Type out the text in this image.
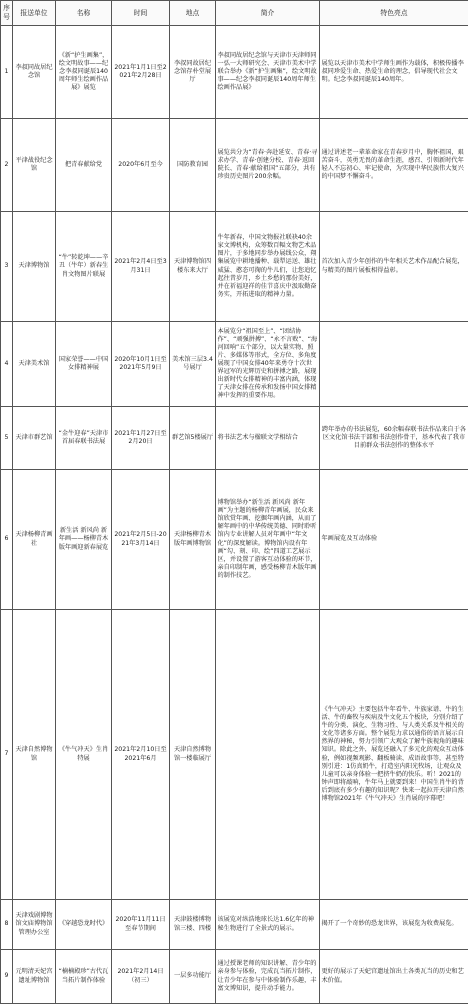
序号	报送单位	名称	时间	地点	简介	特色亮点
1	李叔同故居纪念馆	《新“护生画集”，绘文明故事——纪念李叔同诞辰140周年师生绘画作品展》展览	2021年1月1日至2021年2月28日	李叔同故居纪念馆存朴堂展厅	李叔同故居纪念馆与天津市天津师同一弘一大师研究会、天津市美术中学联合举办《新“护生画集”，绘文明故事——纪念李叔同诞辰140周年师生绘画作品展》	展览以天津市美术中学师生画作为载体，积极传播李叔同珍爱生命、热爱生命的理念，倡导现代社会文明。纪念李叔同诞辰140周年。
2	平津战役纪念馆	把青春献给党	2020年6月至今	国防教育园	展览共分为“青春·奔赴延安、青春·寻求办学、青春·创建分校、青春·返回院长、青春·献给祖国”五部分，共有珍贵历史图片200余幅。	通过讲述老一辈革命家在青春岁月中，胸怀祖国，艰苦奋斗，英勇无畏的革命生涯，感召、引领新时代年轻人不忘初心、牢记使命，为实现中华民族伟大复兴的中国梦不懈奋斗。
3	天津博物馆	“牛”转乾坤——辛丑（牛年）新春生肖文物图片联展	2021年2月4日至3月31日	天津博物馆四楼东来大厅	牛年新春，中国文物报社联袂40余家文博机构，众筹数百幅文物艺术品图片，于多地同步举办展线公众，翔集展览中耕地播种、载犁运送、雄壮威猛、憨态可掬的牛儿们，让您追忆起往昔岁月，乡土乡愁的那份美好，并在祈福迎祥的佳节喜庆中汲取勤奋务实，开拓进取的精神力量。	首次加入青少年创作的牛年相关艺术作品配合展览，与精美的图片展板相得益彰。
4	天津美术馆	国家荣誉——中国女排精神展	2020年10月1日至2021年5月9日	美术馆三层3.4号展厅	本展览分“祖国至上”、“团结协作”、“顽强拼搏”、“永不言败”、“海河回响”五个部分，以大量实物、照片、多媒体等形式，全方位、多角度展现了中国女排40年来勇夺十次世界冠军的光辉历史和拼搏之路，展现出新时代女排精神的丰富内涵，体现了天津女排在传承和发扬中国女排精神中发挥的重要作用。	
5	天津市群艺馆	“金牛迎春”天津市首届春联书法展	2021年1月27日至2月20日	群艺馆5楼展厅	将书法艺术与楹联文学相结合	跨年举办的书法展览，60余幅春联书法作品来自于各区文化馆书法干部和书法创作骨干，基本代表了我市目前群众书法创作的整体水平
6	天津杨柳青画社	新生活 新风尚 新年画——杨柳青木版年画迎新春展览	2021年2月5日-2021年3月14日	天津杨柳青木版年画博物馆	博物馆举办“新生活 新风尚 新年画”为主题的杨柳青年画展，民众来馆欣赏年画、挖掘年画内涵，从而了解年画中的中华传统美德、同时聆听馆内专业讲解人员对年画中“年文化”的深度解读。博物馆内设有年画“勾、刻、印、绘”四道工艺展示区，并设置了游客互动体验的环节，亲自印制年画，感受杨柳青木版年画的制作技艺。	年画展览及互动体验
7	天津自然博物馆	《牛气冲天》生肖特展	2021年2月10日至2021年6月	天津自然博物馆一楼临展厅		《牛气冲天》主要包括牛年看牛、牛族家谱、牛的生活、牛的畜牧与疾病及牛文化五个板块，分别介绍了牛的分类、演化、生物习性、与人类关系及牛相关的文化等诸多方面。整个展览力求以通俗的语言展示自然界的神秘，努力引领广大观众了解牛族视角的趣味知识。除此之外，展览还融入了多元化的观众互动体验，例如视频观影、翻板骑读、成语故事等，甚至特别引进：1仿真奶牛，打造室内阳光牧场，让观众及儿童可以亲身体验一把挤牛奶的快乐。听！2021的钟声即将敲响，牛年马上就要到来！中国生肖牛的背后到底有多少有趣的知识呢？快来一起拉开天津自然博物馆2021年《牛气冲天》生肖展的序幕吧！
8	天津戏剧博物馆文庙博物馆管理办公室	《穿越恐龙时代》	2020年11月11日至春节期间	天津鼓楼博物馆三楼、四楼	该展览对纵浩地球长达1.6亿年的神秘生物进行了全景式的展示。	揭开了一个奇妙的恐龙世界，该展览为收费展览。
9	元明清天妃宫遗址博物馆	“楠楠殿珍”古代瓦当拓片制作体验	2021年2月14日（初三）	一层多功能厅	通过授课老师的知识讲解、青少年的亲身参与体验，完成瓦当拓片制作，让青少年在参与中体验制作乐趣，丰富文博知识，提升动手能力。	更好的展示了天妃宫遗址馆出土各类瓦当的历史和艺术价值。
